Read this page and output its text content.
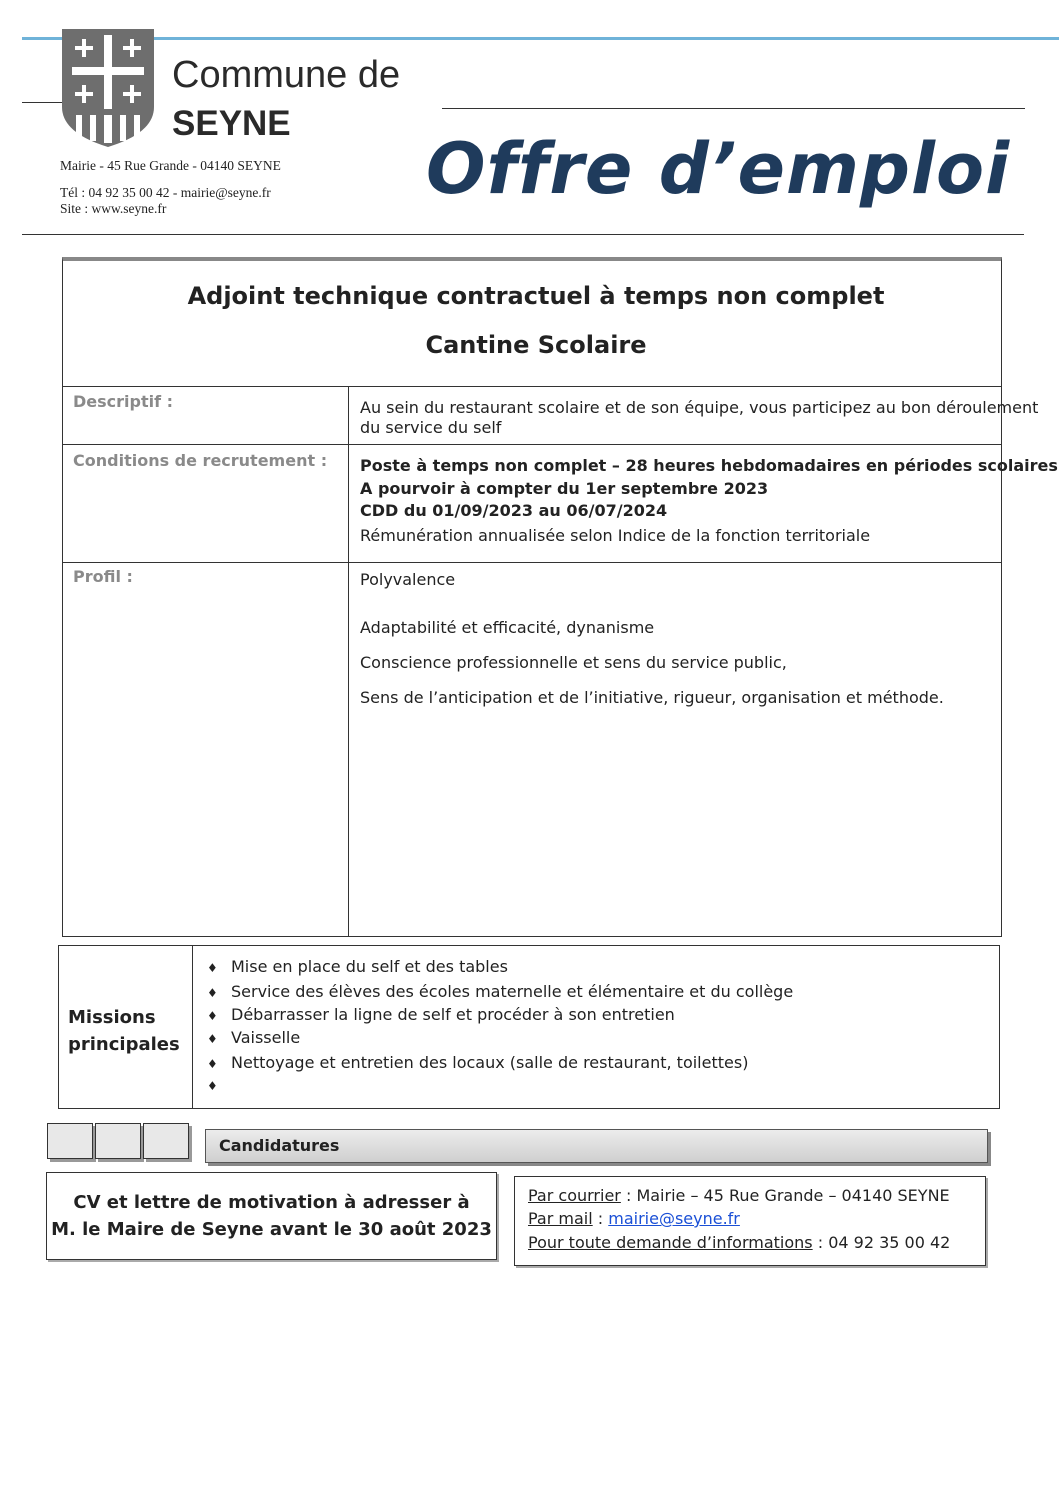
Commune de
SEYNE
Mairie - 45 Rue Grande - 04140 SEYNE
Tél : 04 92 35 00 42 - mairie@seyne.fr
Site : www.seyne.fr	Offre d’emploi
Adjoint technique contractuel à temps non complet
Cantine Scolaire
Descriptif :	Au sein du restaurant scolaire et de son équipe, vous participez au bon déroulement
du service du self
Conditions de recrutement : Poste à temps non complet – 28 heures hebdomadaires en périodes scolaires
A pourvoir à compter du 1er septembre 2023
CDD du 01/09/2023 au 06/07/2024
Rémunération annualisée selon Indice de la fonction territoriale
Profil :	Polyvalence
Adaptabilité et efficacité, dynanisme
Conscience professionnelle et sens du service public,
Sens de l’anticipation et de l’initiative, rigueur, organisation et méthode.
Missions
principales
♦ Mise en place du self et des tables
♦ Service des élèves des écoles maternelle et élémentaire et du collège
♦ Débarrasser la ligne de self et procéder à son entretien
♦ Vaisselle
♦ Nettoyage et entretien des locaux (salle de restaurant, toilettes)
♦
Candidatures
CV et lettre de motivation à adresser à
M. le Maire de Seyne avant le 30 août 2023
Par courrier : Mairie – 45 Rue Grande – 04140 SEYNE
Par mail : mairie@seyne.fr
Pour toute demande d’informations : 04 92 35 00 42
